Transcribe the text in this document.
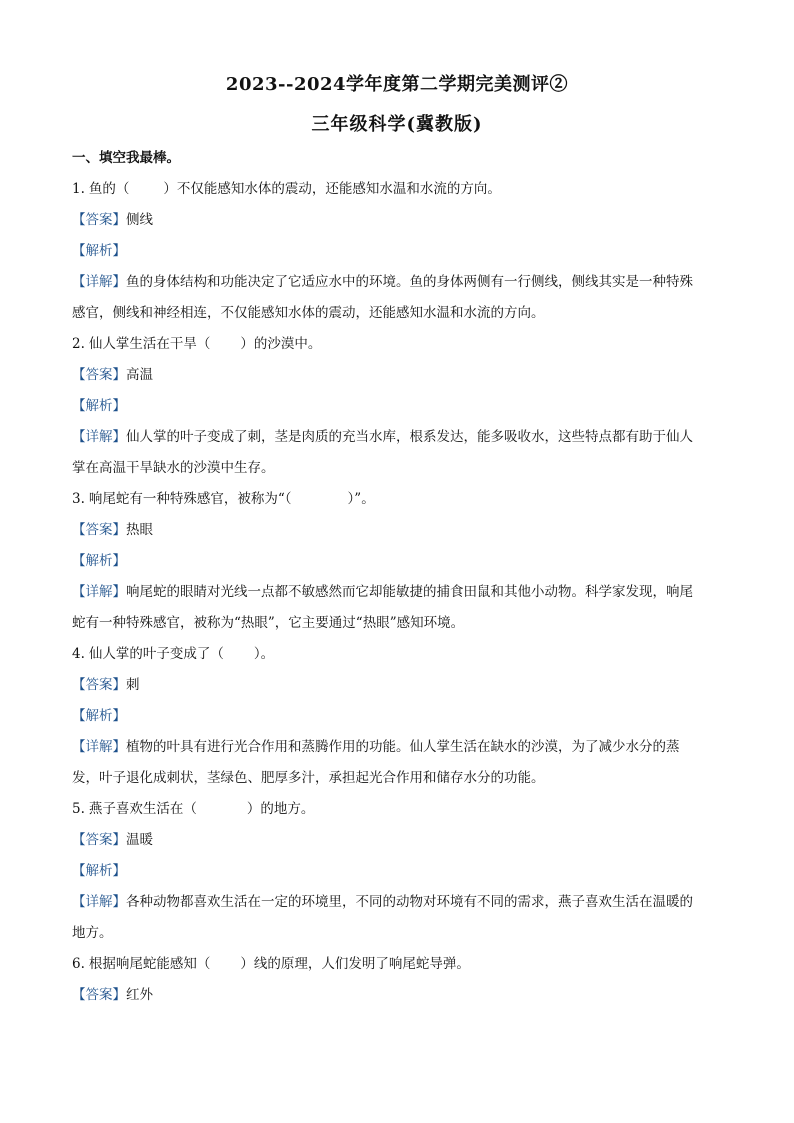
2023--2024学年度第二学期完美测评②
三年级科学(冀教版)
一、填空我最棒。
1. 鱼的（	）不仅能感知水体的震动，还能感知水温和水流的方向。
【答案】侧线
【解析】
【详解】鱼的身体结构和功能决定了它适应水中的环境。鱼的身体两侧有一行侧线，侧线其实是一种特殊
感官，侧线和神经相连，不仅能感知水体的震动，还能感知水温和水流的方向。
2. 仙人掌生活在干旱（ ）的沙漠中。
【答案】高温
【解析】
【详解】仙人掌的叶子变成了刺，茎是肉质的充当水库，根系发达，能多吸收水，这些特点都有助于仙人
掌在高温干旱缺水的沙漠中生存。
3. 响尾蛇有一种特殊感官，被称为“（	）”。
【答案】热眼
【解析】
【详解】响尾蛇的眼睛对光线一点都不敏感然而它却能敏捷的捕食田鼠和其他小动物。科学家发现，响尾
蛇有一种特殊感官，被称为“热眼”，它主要通过“热眼”感知环境。
4. 仙人掌的叶子变成了（ ）。
【答案】刺
【解析】
【详解】植物的叶具有进行光合作用和蒸腾作用的功能。仙人掌生活在缺水的沙漠，为了减少水分的蒸
发，叶子退化成刺状，茎绿色、肥厚多汁，承担起光合作用和储存水分的功能。
5. 燕子喜欢生活在（	）的地方。
【答案】温暖
【解析】
【详解】各种动物都喜欢生活在一定的环境里，不同的动物对环境有不同的需求，燕子喜欢生活在温暖的
地方。
6. 根据响尾蛇能感知（ ）线的原理，人们发明了响尾蛇导弹。
【答案】红外
